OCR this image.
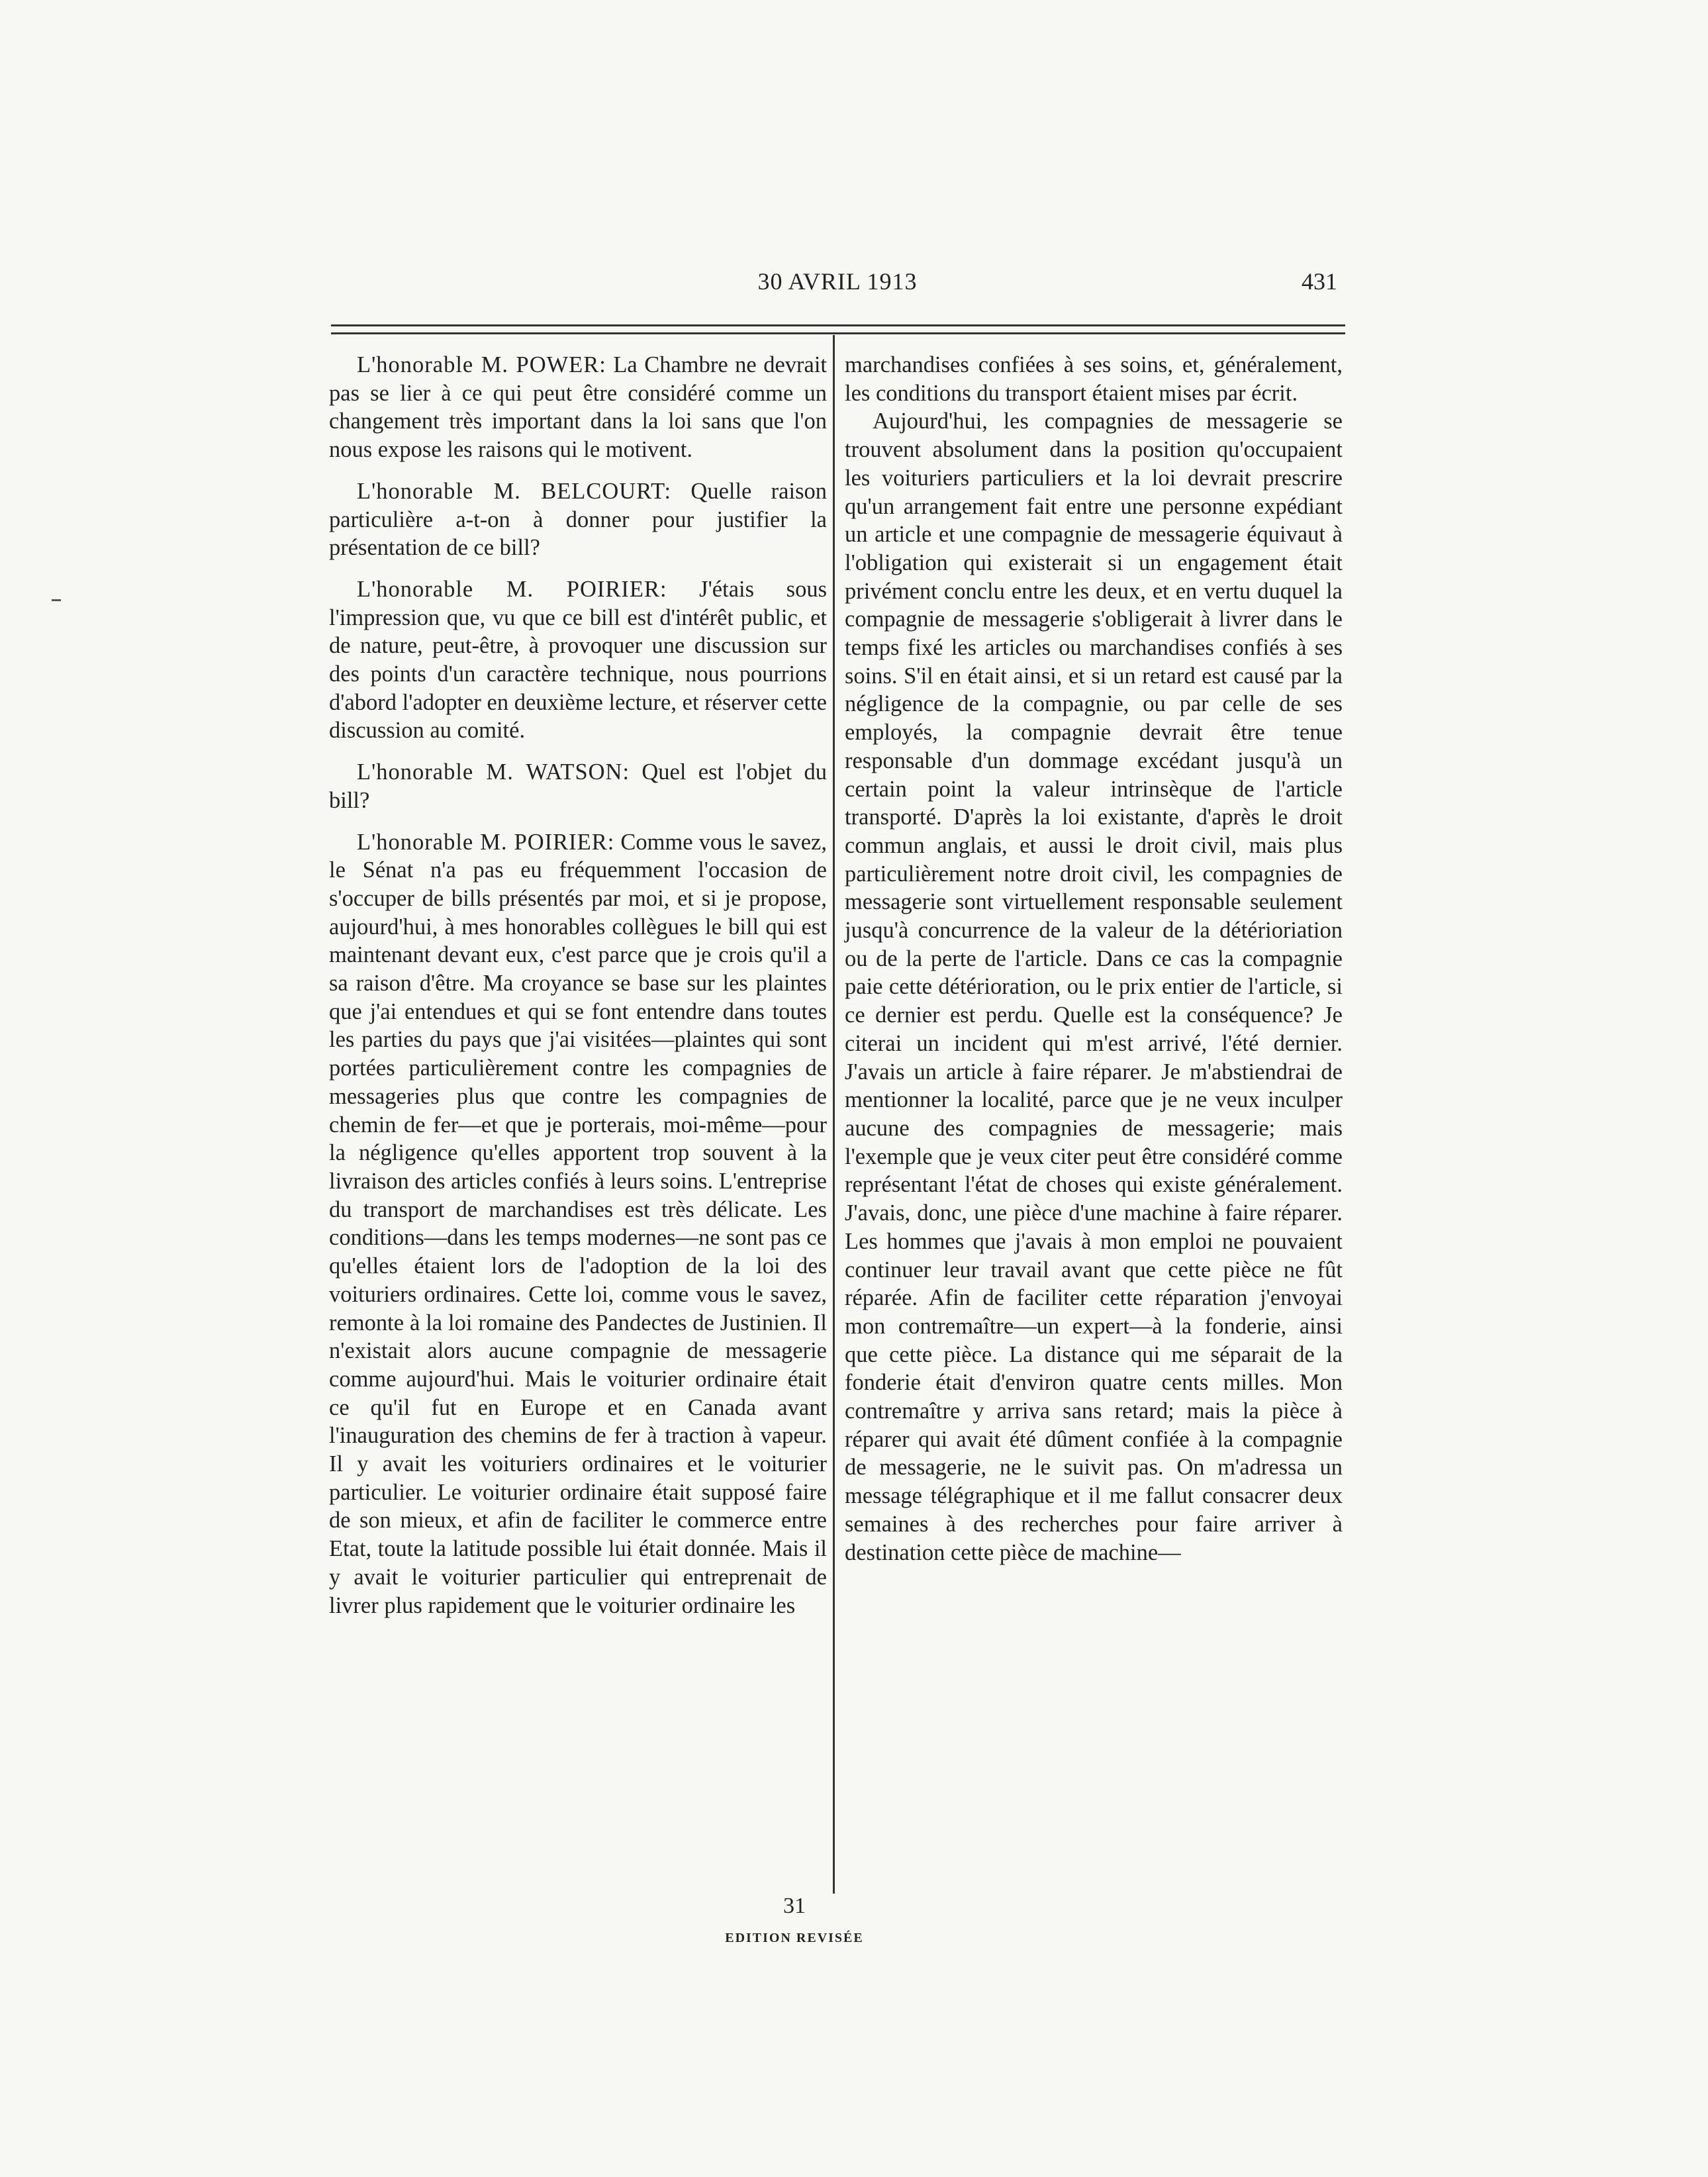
30 AVRIL 1913	431

L'honorable M. POWER: La Chambre ne devrait pas se lier à ce qui peut être considéré comme un changement très important dans la loi sans que l'on nous expose les raisons qui le motivent.

L'honorable M. BELCOURT: Quelle raison particulière a-t-on à donner pour justifier la présentation de ce bill?

L'honorable M. POIRIER: J'étais sous l'impression que, vu que ce bill est d'intérêt public, et de nature, peut-être, à provoquer une discussion sur des points d'un caractère technique, nous pourrions d'abord l'adopter en deuxième lecture, et réserver cette discussion au comité.

L'honorable M. WATSON: Quel est l'objet du bill?

L'honorable M. POIRIER: Comme vous le savez, le Sénat n'a pas eu fréquemment l'occasion de s'occuper de bills présentés par moi, et si je propose, aujourd'hui, à mes honorables collègues le bill qui est maintenant devant eux, c'est parce que je crois qu'il a sa raison d'être. Ma croyance se base sur les plaintes que j'ai entendues et qui se font entendre dans toutes les parties du pays que j'ai visitées—plaintes qui sont portées particulièrement contre les compagnies de messageries plus que contre les compagnies de chemin de fer—et que je porterais, moi-même—pour la négligence qu'elles apportent trop souvent à la livraison des articles confiés à leurs soins. L'entreprise du transport de marchandises est très délicate. Les conditions—dans les temps modernes—ne sont pas ce qu'elles étaient lors de l'adoption de la loi des voituriers ordinaires. Cette loi, comme vous le savez, remonte à la loi romaine des Pandectes de Justinien. Il n'existait alors aucune compagnie de messagerie comme aujourd'hui. Mais le voiturier ordinaire était ce qu'il fut en Europe et en Canada avant l'inauguration des chemins de fer à traction à vapeur. Il y avait les voituriers ordinaires et le voiturier particulier. Le voiturier ordinaire était supposé faire de son mieux, et afin de faciliter le commerce entre Etat, toute la latitude possible lui était donnée. Mais il y avait le voiturier particulier qui entreprenait de livrer plus rapidement que le voiturier ordinaire les

marchandises confiées à ses soins, et, généralement, les conditions du transport étaient mises par écrit.

Aujourd'hui, les compagnies de messagerie se trouvent absolument dans la position qu'occupaient les voituriers particuliers et la loi devrait prescrire qu'un arrangement fait entre une personne expédiant un article et une compagnie de messagerie équivaut à l'obligation qui existerait si un engagement était privément conclu entre les deux, et en vertu duquel la compagnie de messagerie s'obligerait à livrer dans le temps fixé les articles ou marchandises confiés à ses soins. S'il en était ainsi, et si un retard est causé par la négligence de la compagnie, ou par celle de ses employés, la compagnie devrait être tenue responsable d'un dommage excédant jusqu'à un certain point la valeur intrinsèque de l'article transporté. D'après la loi existante, d'après le droit commun anglais, et aussi le droit civil, mais plus particulièrement notre droit civil, les compagnies de messagerie sont virtuellement responsable seulement jusqu'à concurrence de la valeur de la détérioriation ou de la perte de l'article. Dans ce cas la compagnie paie cette détérioration, ou le prix entier de l'article, si ce dernier est perdu. Quelle est la conséquence? Je citerai un incident qui m'est arrivé, l'été dernier. J'avais un article à faire réparer. Je m'abstiendrai de mentionner la localité, parce que je ne veux inculper aucune des compagnies de messagerie; mais l'exemple que je veux citer peut être considéré comme représentant l'état de choses qui existe généralement. J'avais, donc, une pièce d'une machine à faire réparer. Les hommes que j'avais à mon emploi ne pouvaient continuer leur travail avant que cette pièce ne fût réparée. Afin de faciliter cette réparation j'envoyai mon contremaître—un expert—à la fonderie, ainsi que cette pièce. La distance qui me séparait de la fonderie était d'environ quatre cents milles. Mon contremaître y arriva sans retard; mais la pièce à réparer qui avait été dûment confiée à la compagnie de messagerie, ne le suivit pas. On m'adressa un message télégraphique et il me fallut consacrer deux semaines à des recherches pour faire arriver à destination cette pièce de machine—

31
EDITION REVISÉE
